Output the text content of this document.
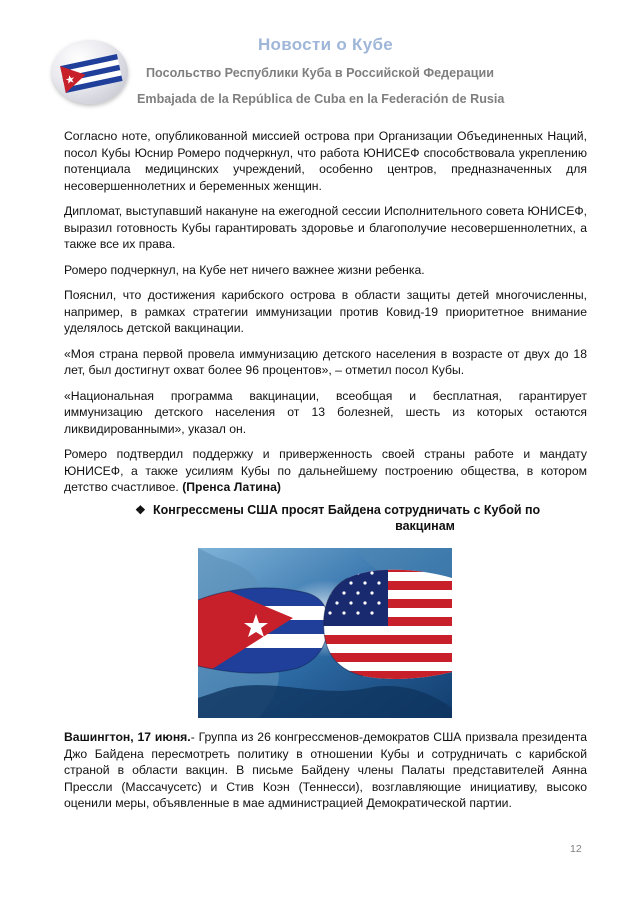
Новости о Кубе
Посольство Республики Куба в Российской Федерации
Embajada de la República de Cuba en la Federación de Rusia

Согласно ноте, опубликованной миссией острова при Организации Объединенных Наций, посол Кубы Юснир Ромеро подчеркнул, что работа ЮНИСЕФ способствовала укреплению потенциала медицинских учреждений, особенно центров, предназначенных для несовершеннолетних и беременных женщин.

Дипломат, выступавший накануне на ежегодной сессии Исполнительного совета ЮНИСЕФ, выразил готовность Кубы гарантировать здоровье и благополучие несовершеннолетних, а также все их права.

Ромеро подчеркнул, на Кубе нет ничего важнее жизни ребенка.

Пояснил, что достижения карибского острова в области защиты детей многочисленны, например, в рамках стратегии иммунизации против Ковид-19 приоритетное внимание уделялось детской вакцинации.

«Моя страна первой провела иммунизацию детского населения в возрасте от двух до 18 лет, был достигнут охват более 96 процентов», – отметил посол Кубы.

«Национальная программа вакцинации, всеобщая и бесплатная, гарантирует иммунизацию детского населения от 13 болезней, шесть из которых остаются ликвидированными», указал он.

Ромеро подтвердил поддержку и приверженность своей страны работе и мандату ЮНИСЕФ, а также усилиям Кубы по дальнейшему построению общества, в котором детство счастливое. (Пренса Латина)

❖ Конгрессмены США просят Байдена сотрудничать с Кубой по
вакцинам

Вашингтон, 17 июня.- Группа из 26 конгрессменов-демократов США призвала президента Джо Байдена пересмотреть политику в отношении Кубы и сотрудничать с карибской страной в области вакцин. В письме Байдену члены Палаты представителей Аянна Прессли (Массачусетс) и Стив Коэн (Теннесси), возглавляющие инициативу, высоко оценили меры, объявленные в мае администрацией Демократической партии.

12
